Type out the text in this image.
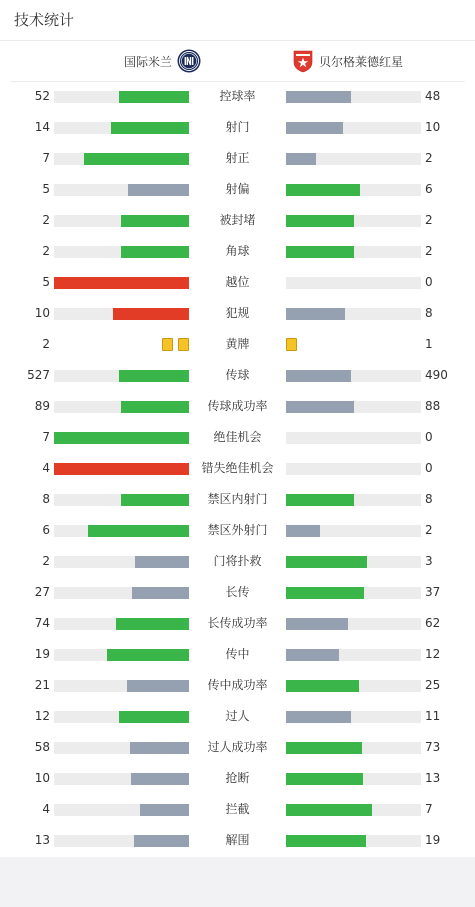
技术统计
国际米兰	贝尔格莱德红星
52	控球率	48
14	射门	10
7	射正	2
5	射偏	6
2	被封堵	2
2	角球	2
5	越位	0
10	犯规	8
2	黄牌	1
527	传球	490
89	传球成功率	88
7	绝佳机会	0
4	错失绝佳机会	0
8	禁区内射门	8
6	禁区外射门	2
2	门将扑救	3
27	长传	37
74	长传成功率	62
19	传中	12
21	传中成功率	25
12	过人	11
58	过人成功率	73
10	抢断	13
4	拦截	7
13	解围	19
